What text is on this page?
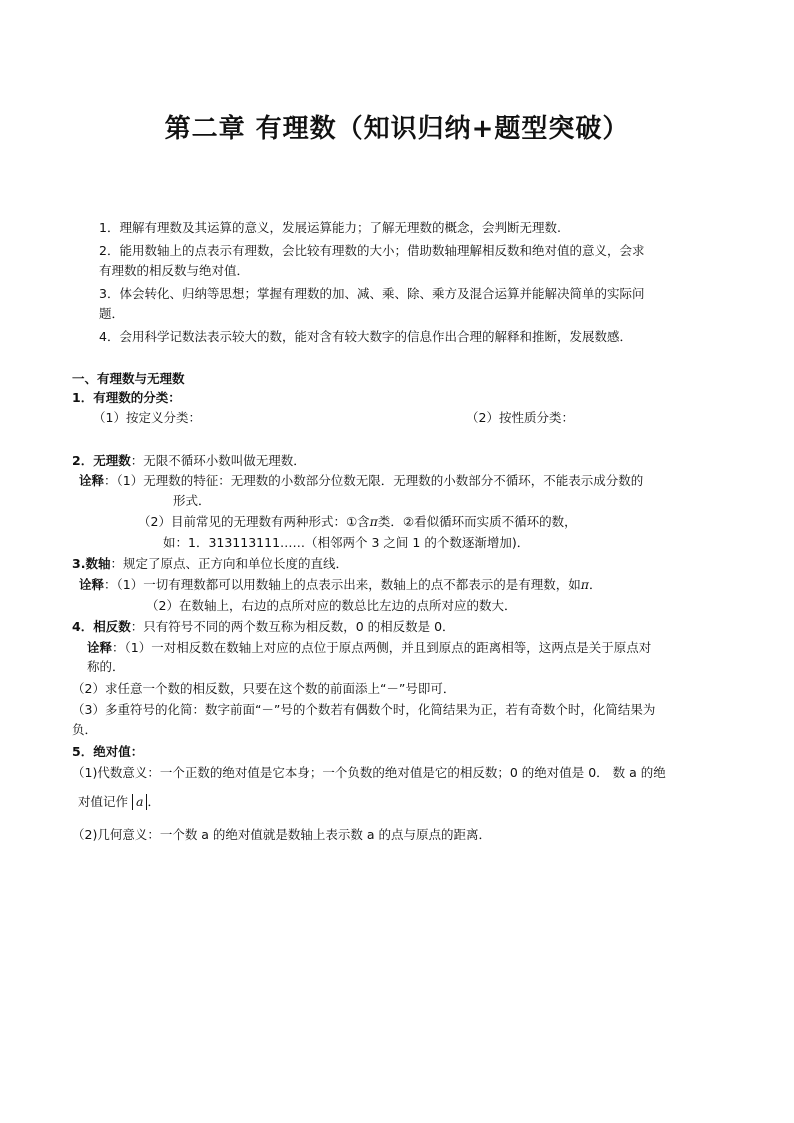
第二章 有理数（知识归纳+题型突破）
1．理解有理数及其运算的意义，发展运算能力；了解无理数的概念，会判断无理数.
2．能用数轴上的点表示有理数，会比较有理数的大小；借助数轴理解相反数和绝对值的意义，会求
有理数的相反数与绝对值．
3．体会转化、归纳等思想；掌握有理数的加、减、乘、除、乘方及混合运算并能解决简单的实际问
题．
4．会用科学记数法表示较大的数，能对含有较大数字的信息作出合理的解释和推断，发展数感．
一、有理数与无理数
1．有理数的分类：
（1）按定义分类：	（2）按性质分类：
2．无理数：无限不循环小数叫做无理数．
诠释：（1）无理数的特征：无理数的小数部分位数无限．无理数的小数部分不循环，不能表示成分数的
形式．
（2）目前常见的无理数有两种形式：①含π类．②看似循环而实质不循环的数，
如：1．313113111……（相邻两个 3 之间 1 的个数逐渐增加)．
3.数轴：规定了原点、正方向和单位长度的直线．
诠释：（1）一切有理数都可以用数轴上的点表示出来，数轴上的点不都表示的是有理数，如π．
（2）在数轴上，右边的点所对应的数总比左边的点所对应的数大．
4．相反数：只有符号不同的两个数互称为相反数，0 的相反数是 0．
诠释：（1）一对相反数在数轴上对应的点位于原点两侧，并且到原点的距离相等，这两点是关于原点对
称的．
（2）求任意一个数的相反数，只要在这个数的前面添上“－”号即可．
（3）多重符号的化简：数字前面“－”号的个数若有偶数个时，化简结果为正，若有奇数个时，化简结果为
负．
5．绝对值：
（1)代数意义：一个正数的绝对值是它本身；一个负数的绝对值是它的相反数；0 的绝对值是 0． 数 a 的绝
对值记作 a ．
（2)几何意义：一个数 a 的绝对值就是数轴上表示数 a 的点与原点的距离．
